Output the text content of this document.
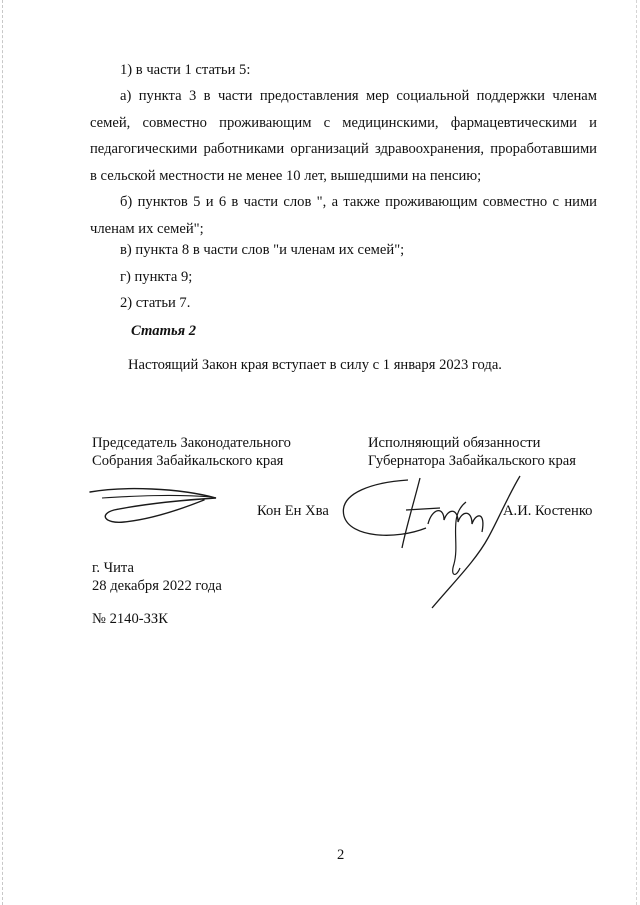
1) в части 1 статьи 5:

а) пункта 3 в части предоставления мер социальной поддержки членам семей, совместно проживающим с медицинскими, фармацевтическими и педагогическими работниками организаций здравоохранения, проработавшими в сельской местности не менее 10 лет, вышедшими на пенсию;

б) пунктов 5 и 6 в части слов ", а также проживающим совместно с ними членам их семей";

в) пункта 8 в части слов "и членам их семей";

г) пункта 9;

2) статьи 7.

Статья 2

Настоящий Закон края вступает в силу с 1 января 2023 года.

Председатель Законодательного
Собрания Забайкальского края

Кон Ен Хва

Исполняющий обязанности
Губернатора Забайкальского края

А.И. Костенко

г. Чита

28 декабря 2022 года

№ 2140-ЗЗК

2
